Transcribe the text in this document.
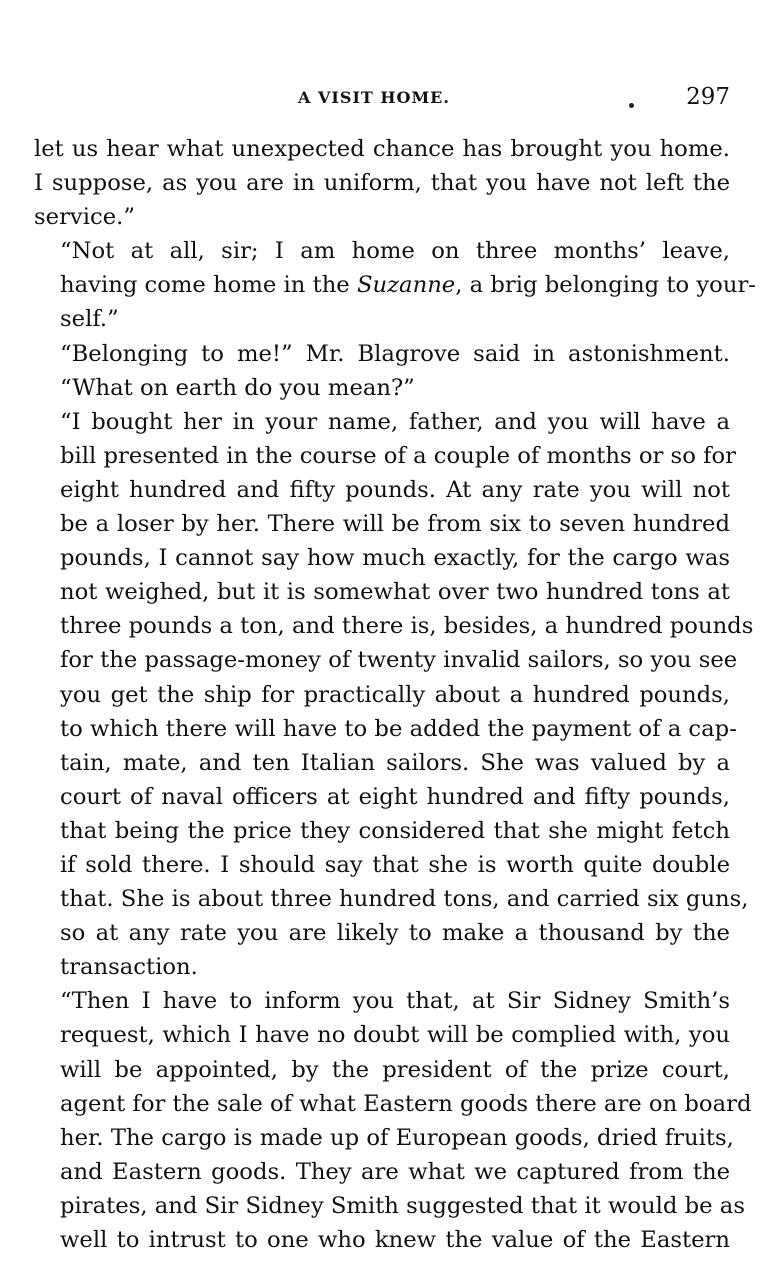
A VISIT HOME.	297

let us hear what unexpected chance has brought you home.
I suppose, as you are in uniform, that you have not left the
service.”

“Not at all, sir; I am home on three months’ leave,
having come home in the Suzanne, a brig belonging to your-
self.”

“Belonging to me!” Mr. Blagrove said in astonishment.
“What on earth do you mean?”

“I bought her in your name, father, and you will have a
bill presented in the course of a couple of months or so for
eight hundred and fifty pounds. At any rate you will not
be a loser by her. There will be from six to seven hundred
pounds, I cannot say how much exactly, for the cargo was
not weighed, but it is somewhat over two hundred tons at
three pounds a ton, and there is, besides, a hundred pounds
for the passage-money of twenty invalid sailors, so you see
you get the ship for practically about a hundred pounds,
to which there will have to be added the payment of a cap-
tain, mate, and ten Italian sailors. She was valued by a
court of naval officers at eight hundred and fifty pounds,
that being the price they considered that she might fetch
if sold there. I should say that she is worth quite double
that. She is about three hundred tons, and carried six guns,
so at any rate you are likely to make a thousand by the
transaction.

“Then I have to inform you that, at Sir Sidney Smith’s
request, which I have no doubt will be complied with, you
will be appointed, by the president of the prize court,
agent for the sale of what Eastern goods there are on board
her. The cargo is made up of European goods, dried fruits,
and Eastern goods. They are what we captured from the
pirates, and Sir Sidney Smith suggested that it would be as
well to intrust to one who knew the value of the Eastern
